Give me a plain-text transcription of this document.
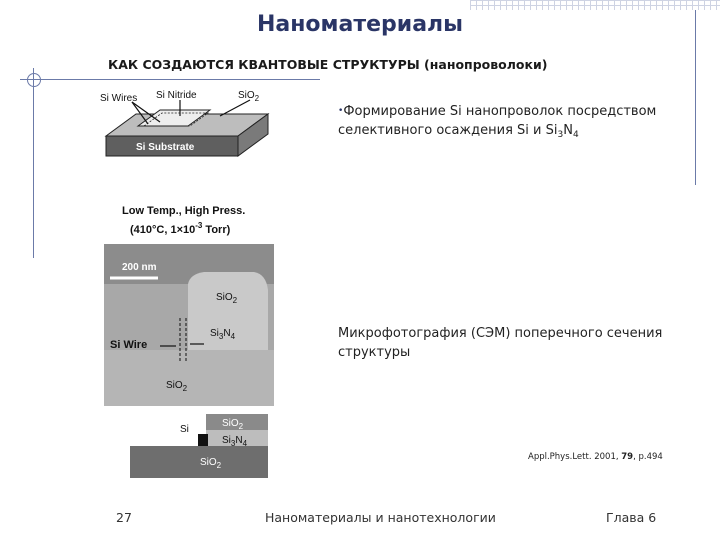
Наноматериалы
КАК СОЗДАЮТСЯ КВАНТОВЫЕ СТРУКТУРЫ (нанопроволоки)
Si Wires Si Nitride	SiO$_2$
Si Substrate
•Формирование Si нанопроволок посредством селективного осаждения Si и $Si_3N_4$
Low Temp., High Press.
(410°C, $1\times 10^{-3}$ Torr)
200 nm
SiO$_2$
$Si_3N_4$
Si Wire
SiO$_2$
Микрофотография (СЭМ) поперечного сечения структуры
Si
SiO$_2$
$Si_3N_4$
SiO$_2$
Appl.Phys.Lett. 2001, 79, p.494
27	Наноматериалы и нанотехнологии	Глава 6
